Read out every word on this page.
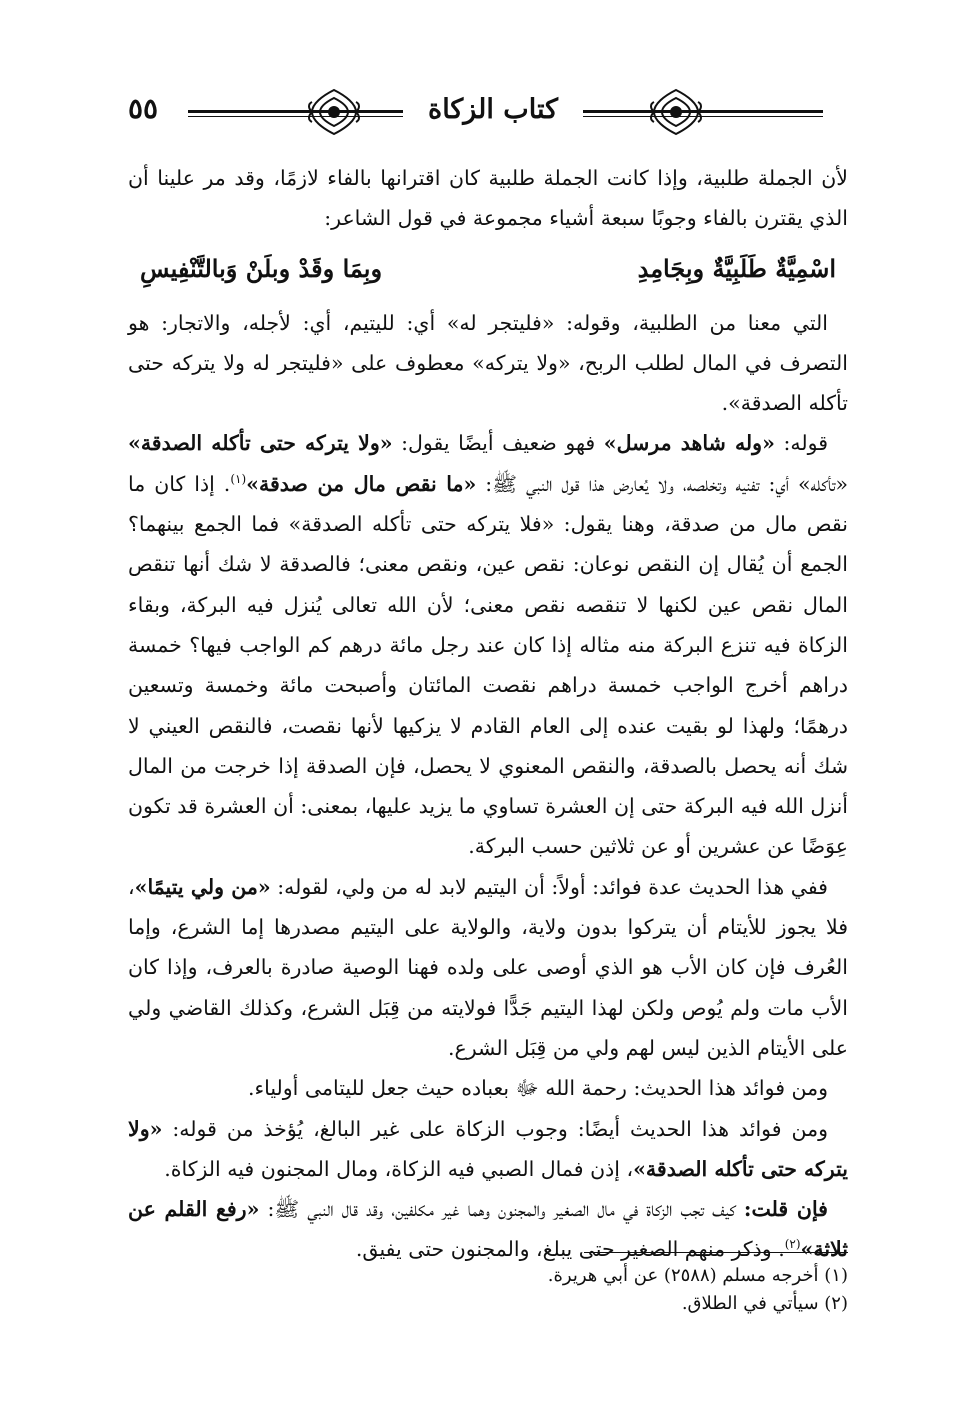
٥٥	كتاب الزكاة

لأن الجملة طلبية، وإذا كانت الجملة طلبية كان اقترانها بالفاء لازمًا، وقد مر علينا أن الذي يقترن بالفاء وجوبًا سبعة أشياء مجموعة في قول الشاعر:

اسْمِيَّةٌ طَلَبِيَّةٌ وبِجَامِدِ
وبِمَا وقَدْ وبلَنْ وَبالتَّنْفِيسِ

التي معنا من الطلبية، وقوله: «فليتجر له» أي: لليتيم، أي: لأجله، والاتجار: هو التصرف في المال لطلب الربح، «ولا يتركه» معطوف على «فليتجر له ولا يتركه حتى تأكله الصدقة».

قوله: «وله شاهد مرسل» فهو ضعيف أيضًا يقول: «ولا يتركه حتى تأكله الصدقة» «تأكله» أي: تفنيه وتخلصه، ولا يُعارض هذا قول النبي ﷺ: «ما نقص مال من صدقة»$^{(١)}$. إذا كان ما نقص مال من صدقة، وهنا يقول: «فلا يتركه حتى تأكله الصدقة» فما الجمع بينهما؟ الجمع أن يُقال إن النقص نوعان: نقص عين، ونقص معنى؛ فالصدقة لا شك أنها تنقص المال نقص عين لكنها لا تنقصه نقص معنى؛ لأن الله تعالى يُنزل فيه البركة، وبقاء الزكاة فيه تنزع البركة منه مثاله إذا كان عند رجل مائة درهم كم الواجب فيها؟ خمسة دراهم أخرج الواجب خمسة دراهم نقصت المائتان وأصبحت مائة وخمسة وتسعين درهمًا؛ ولهذا لو بقيت عنده إلى العام القادم لا يزكيها لأنها نقصت، فالنقص العيني لا شك أنه يحصل بالصدقة، والنقص المعنوي لا يحصل، فإن الصدقة إذا خرجت من المال أنزل الله فيه البركة حتى إن العشرة تساوي ما يزيد عليها، بمعنى: أن العشرة قد تكون عِوَضًا عن عشرين أو عن ثلاثين حسب البركة.

ففي هذا الحديث عدة فوائد: أولاً: أن اليتيم لابد له من ولي، لقوله: «من ولي يتيمًا»، فلا يجوز للأيتام أن يتركوا بدون ولاية، والولاية على اليتيم مصدرها إما الشرع، وإما العُرف فإن كان الأب هو الذي أوصى على ولده فهنا الوصية صادرة بالعرف، وإذا كان الأب مات ولم يُوص ولكن لهذا اليتيم جَدًّا فولايته من قِبَل الشرع، وكذلك القاضي ولي على الأيتام الذين ليس لهم ولي من قِبَل الشرع.

ومن فوائد هذا الحديث: رحمة الله ﷻ بعباده حيث جعل لليتامى أولياء.

ومن فوائد هذا الحديث أيضًا: وجوب الزكاة على غير البالغ، يُؤخذ من قوله: «ولا يتركه حتى تأكله الصدقة»، إذن فمال الصبي فيه الزكاة، ومال المجنون فيه الزكاة.

فإن قلت: كيف تجب الزكاة في مال الصغير والمجنون وهما غير مكلفين، وقد قال النبي ﷺ: «رفع القلم عن ثلاثة»$^{(٢)}$. وذكر منهم الصغير حتى يبلغ، والمجنون حتى يفيق.

(١) أخرجه مسلم (٢٥٨٨) عن أبي هريرة.
(٢) سيأتي في الطلاق.
